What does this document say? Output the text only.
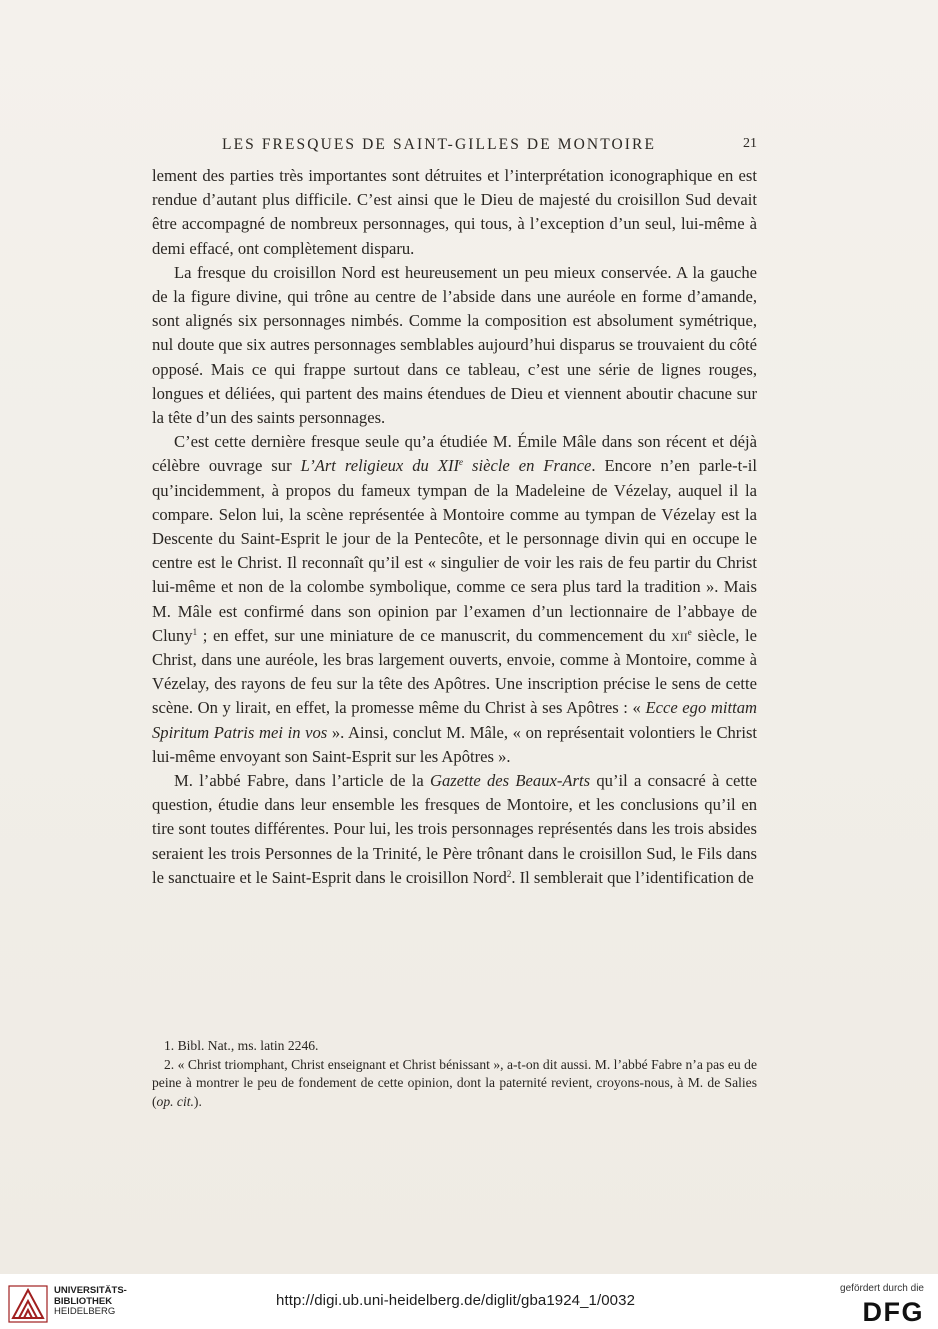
LES FRESQUES DE SAINT-GILLES DE MONTOIRE	21

lement des parties très importantes sont détruites et l’interprétation iconographique en est rendue d’autant plus difficile. C’est ainsi que le Dieu de majesté du croisillon Sud devait être accompagné de nombreux personnages, qui tous, à l’exception d’un seul, lui-même à demi effacé, ont complètement disparu.

La fresque du croisillon Nord est heureusement un peu mieux conservée. A la gauche de la figure divine, qui trône au centre de l’abside dans une auréole en forme d’amande, sont alignés six personnages nimbés. Comme la composition est absolument symétrique, nul doute que six autres personnages semblables aujourd’hui disparus se trouvaient du côté opposé. Mais ce qui frappe surtout dans ce tableau, c’est une série de lignes rouges, longues et déliées, qui partent des mains étendues de Dieu et viennent aboutir chacune sur la tête d’un des saints personnages.

C’est cette dernière fresque seule qu’a étudiée M. Émile Mâle dans son récent et déjà célèbre ouvrage sur L’Art religieux du XIIe siècle en France. Encore n’en parle-t-il qu’incidemment, à propos du fameux tympan de la Madeleine de Vézelay, auquel il la compare. Selon lui, la scène représentée à Montoire comme au tympan de Vézelay est la Descente du Saint-Esprit le jour de la Pentecôte, et le personnage divin qui en occupe le centre est le Christ. Il reconnaît qu’il est « singulier de voir les rais de feu partir du Christ lui-même et non de la colombe symbolique, comme ce sera plus tard la tradition ». Mais M. Mâle est confirmé dans son opinion par l’examen d’un lectionnaire de l’abbaye de Cluny$^1$ ; en effet, sur une miniature de ce manuscrit, du commencement du xii$^e$ siècle, le Christ, dans une auréole, les bras largement ouverts, envoie, comme à Montoire, comme à Vézelay, des rayons de feu sur la tête des Apôtres. Une inscription précise le sens de cette scène. On y lirait, en effet, la promesse même du Christ à ses Apôtres : « Ecce ego mittam Spiritum Patris mei in vos ». Ainsi, conclut M. Mâle, « on représentait volontiers le Christ lui-même envoyant son Saint-Esprit sur les Apôtres ».

M. l’abbé Fabre, dans l’article de la Gazette des Beaux-Arts qu’il a consacré à cette question, étudie dans leur ensemble les fresques de Montoire, et les conclusions qu’il en tire sont toutes différentes. Pour lui, les trois personnages représentés dans les trois absides seraient les trois Personnes de la Trinité, le Père trônant dans le croisillon Sud, le Fils dans le sanctuaire et le Saint-Esprit dans le croisillon Nord$^2$. Il semblerait que l’identification de

1. Bibl. Nat., ms. latin 2246.

2. « Christ triomphant, Christ enseignant et Christ bénissant », a-t-on dit aussi. M. l’abbé Fabre n’a pas eu de peine à montrer le peu de fondement de cette opinion, dont la paternité revient, croyons-nous, à M. de Salies (op. cit.).

UNIVERSITÄTS-
BIBLIOTHEK
HEIDELBERG
http://digi.ub.uni-heidelberg.de/diglit/gba1924_1/0032
gefördert durch die
DFG
